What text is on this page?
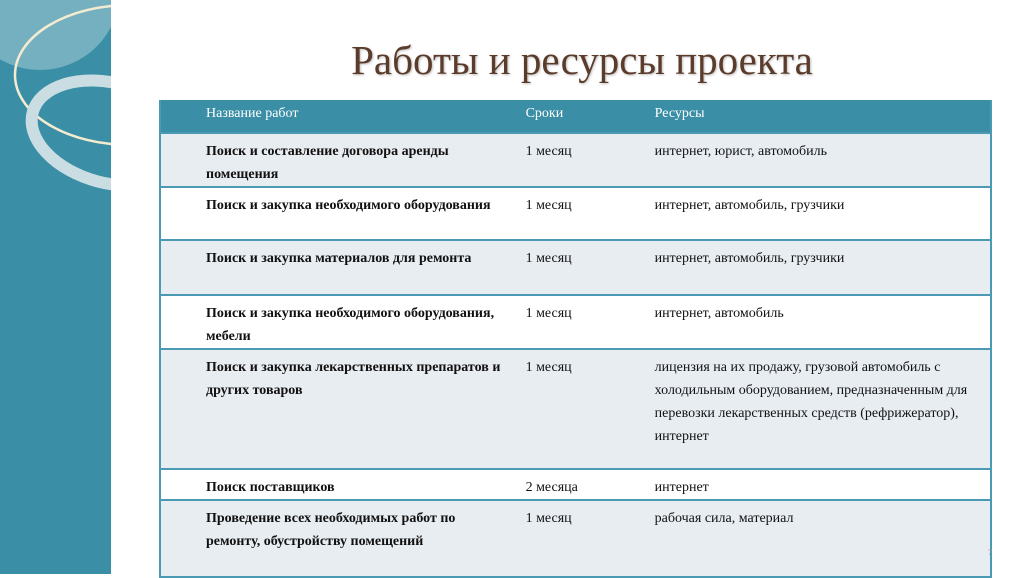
Работы и ресурсы проекта
Название работ	Сроки	Ресурсы
Поиск и составление договора аренды помещения	1 месяц	интернет, юрист, автомобиль
Поиск и закупка необходимого оборудования	1 месяц	интернет, автомобиль, грузчики
Поиск и закупка материалов для ремонта	1 месяц	интернет, автомобиль, грузчики
Поиск и закупка необходимого оборудования, мебели	1 месяц	интернет, автомобиль
Поиск и закупка лекарственных препаратов и других товаров	1 месяц	лицензия на их продажу, грузовой автомобиль с холодильным оборудованием, предназначенным для перевозки лекарственных средств (рефрижератор), интернет
Поиск поставщиков	2 месяца	интернет
Проведение всех необходимых работ по ремонту, обустройству помещений	1 месяц	рабочая сила, материал
7
